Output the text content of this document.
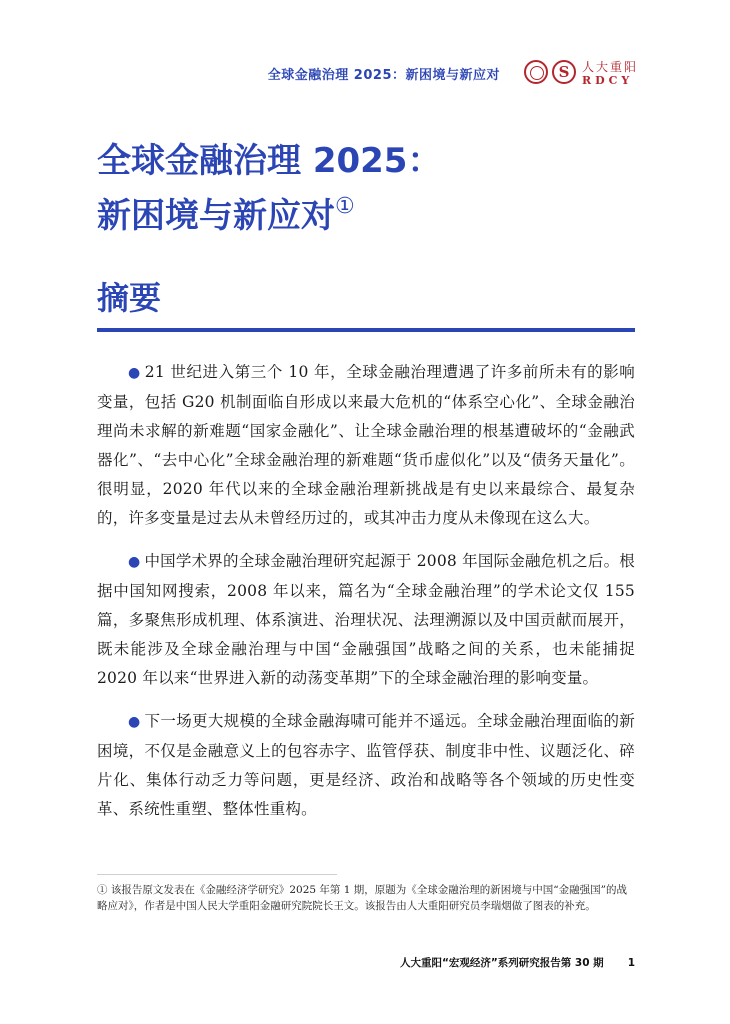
全球金融治理 2025：新困境与新应对	S	人大重阳
RDCY
全球金融治理 2025：
新困境与新应对①
摘要

● 21 世纪进入第三个 10 年，全球金融治理遭遇了许多前所未有的影响变量，包括 G20 机制面临自形成以来最大危机的“体系空心化”、全球金融治理尚未求解的新难题“国家金融化”、让全球金融治理的根基遭破坏的“金融武器化”、“去中心化”全球金融治理的新难题“货币虚似化”以及“债务天量化”。很明显，2020 年代以来的全球金融治理新挑战是有史以来最综合、最复杂的，许多变量是过去从未曾经历过的，或其冲击力度从未像现在这么大。

● 中国学术界的全球金融治理研究起源于 2008 年国际金融危机之后。根据中国知网搜索，2008 年以来，篇名为“全球金融治理”的学术论文仅 155 篇，多聚焦形成机理、体系演进、治理状况、法理溯源以及中国贡献而展开，既未能涉及全球金融治理与中国“金融强国”战略之间的关系，也未能捕捉 2020 年以来“世界进入新的动荡变革期”下的全球金融治理的影响变量。

● 下一场更大规模的全球金融海啸可能并不遥远。全球金融治理面临的新困境，不仅是金融意义上的包容赤字、监管俘获、制度非中性、议题泛化、碎片化、集体行动乏力等问题，更是经济、政治和战略等各个领域的历史性变革、系统性重塑、整体性重构。

① 该报告原文发表在《金融经济学研究》2025 年第 1 期，原题为《全球金融治理的新困境与中国“金融强国”的战略应对》，作者是中国人民大学重阳金融研究院院长王文。该报告由人大重阳研究员李瑞烟做了图表的补充。

人大重阳“宏观经济”系列研究报告第 30 期 1
